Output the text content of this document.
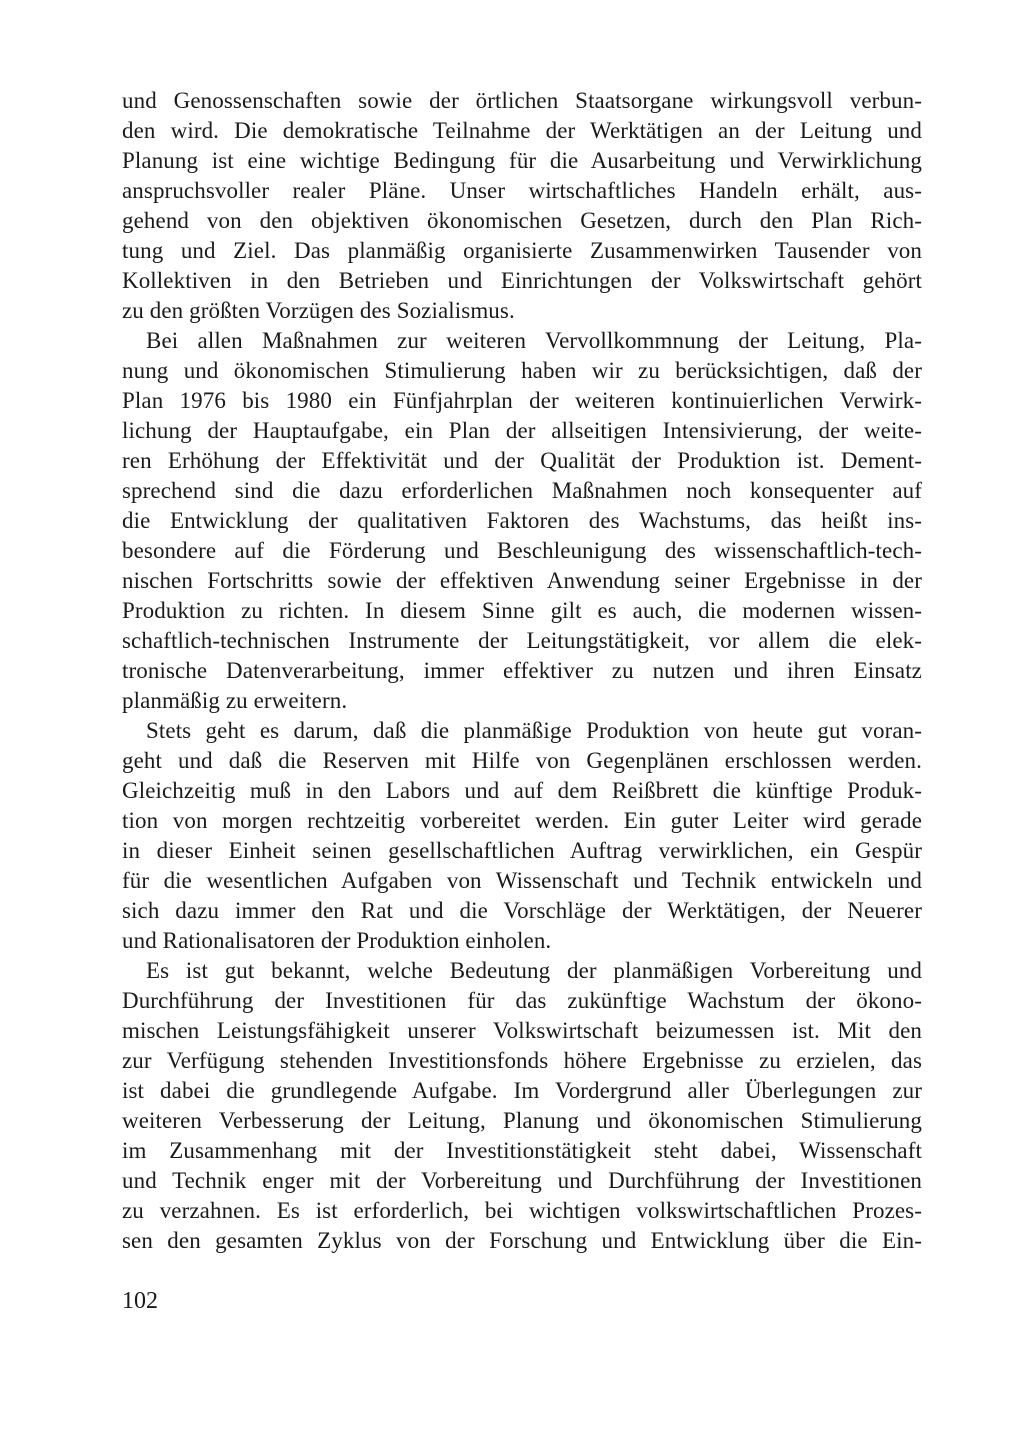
und Genossenschaften sowie der örtlichen Staatsorgane wirkungsvoll verbun-
den wird. Die demokratische Teilnahme der Werktätigen an der Leitung und
Planung ist eine wichtige Bedingung für die Ausarbeitung und Verwirklichung
anspruchsvoller realer Pläne. Unser wirtschaftliches Handeln erhält, aus-
gehend von den objektiven ökonomischen Gesetzen, durch den Plan Rich-
tung und Ziel. Das planmäßig organisierte Zusammenwirken Tausender von
Kollektiven in den Betrieben und Einrichtungen der Volkswirtschaft gehört
zu den größten Vorzügen des Sozialismus.
Bei allen Maßnahmen zur weiteren Vervollkommnung der Leitung, Pla-
nung und ökonomischen Stimulierung haben wir zu berücksichtigen, daß der
Plan 1976 bis 1980 ein Fünfjahrplan der weiteren kontinuierlichen Verwirk-
lichung der Hauptaufgabe, ein Plan der allseitigen Intensivierung, der weite-
ren Erhöhung der Effektivität und der Qualität der Produktion ist. Dement-
sprechend sind die dazu erforderlichen Maßnahmen noch konsequenter auf
die Entwicklung der qualitativen Faktoren des Wachstums, das heißt ins-
besondere auf die Förderung und Beschleunigung des wissenschaftlich-tech-
nischen Fortschritts sowie der effektiven Anwendung seiner Ergebnisse in der
Produktion zu richten. In diesem Sinne gilt es auch, die modernen wissen-
schaftlich-technischen Instrumente der Leitungstätigkeit, vor allem die elek-
tronische Datenverarbeitung, immer effektiver zu nutzen und ihren Einsatz
planmäßig zu erweitern.
Stets geht es darum, daß die planmäßige Produktion von heute gut voran-
geht und daß die Reserven mit Hilfe von Gegenplänen erschlossen werden.
Gleichzeitig muß in den Labors und auf dem Reißbrett die künftige Produk-
tion von morgen rechtzeitig vorbereitet werden. Ein guter Leiter wird gerade
in dieser Einheit seinen gesellschaftlichen Auftrag verwirklichen, ein Gespür
für die wesentlichen Aufgaben von Wissenschaft und Technik entwickeln und
sich dazu immer den Rat und die Vorschläge der Werktätigen, der Neuerer
und Rationalisatoren der Produktion einholen.
Es ist gut bekannt, welche Bedeutung der planmäßigen Vorbereitung und
Durchführung der Investitionen für das zukünftige Wachstum der ökono-
mischen Leistungsfähigkeit unserer Volkswirtschaft beizumessen ist. Mit den
zur Verfügung stehenden Investitionsfonds höhere Ergebnisse zu erzielen, das
ist dabei die grundlegende Aufgabe. Im Vordergrund aller Überlegungen zur
weiteren Verbesserung der Leitung, Planung und ökonomischen Stimulierung
im Zusammenhang mit der Investitionstätigkeit steht dabei, Wissenschaft
und Technik enger mit der Vorbereitung und Durchführung der Investitionen
zu verzahnen. Es ist erforderlich, bei wichtigen volkswirtschaftlichen Prozes-
sen den gesamten Zyklus von der Forschung und Entwicklung über die Ein-
102
